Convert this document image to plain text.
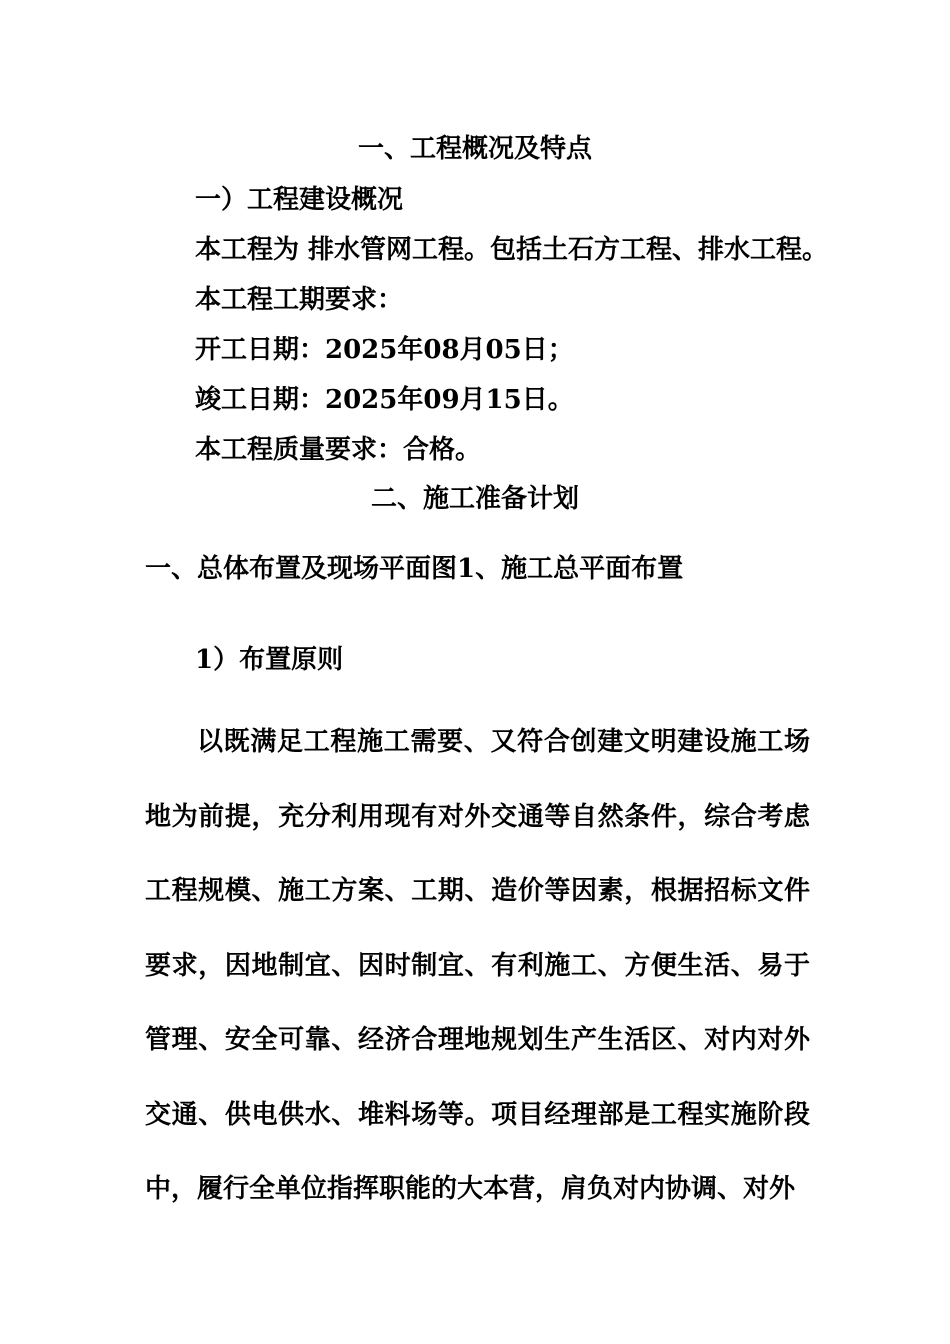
一、工程概况及特点

一）工程建设概况

本工程为 排水管网工程。包括土石方工程、排水工程。

本工程工期要求：

开工日期：2025年08月05日；

竣工日期：2025年09月15日。

本工程质量要求：合格。

二、施工准备计划

一、总体布置及现场平面图1、施工总平面布置

1）布置原则

以既满足工程施工需要、又符合创建文明建设施工场地为前提，充分利用现有对外交通等自然条件，综合考虑工程规模、施工方案、工期、造价等因素，根据招标文件要求，因地制宜、因时制宜、有利施工、方便生活、易于管理、安全可靠、经济合理地规划生产生活区、对内对外交通、供电供水、堆料场等。项目经理部是工程实施阶段中，履行全单位指挥职能的大本营，肩负对内协调、对外
